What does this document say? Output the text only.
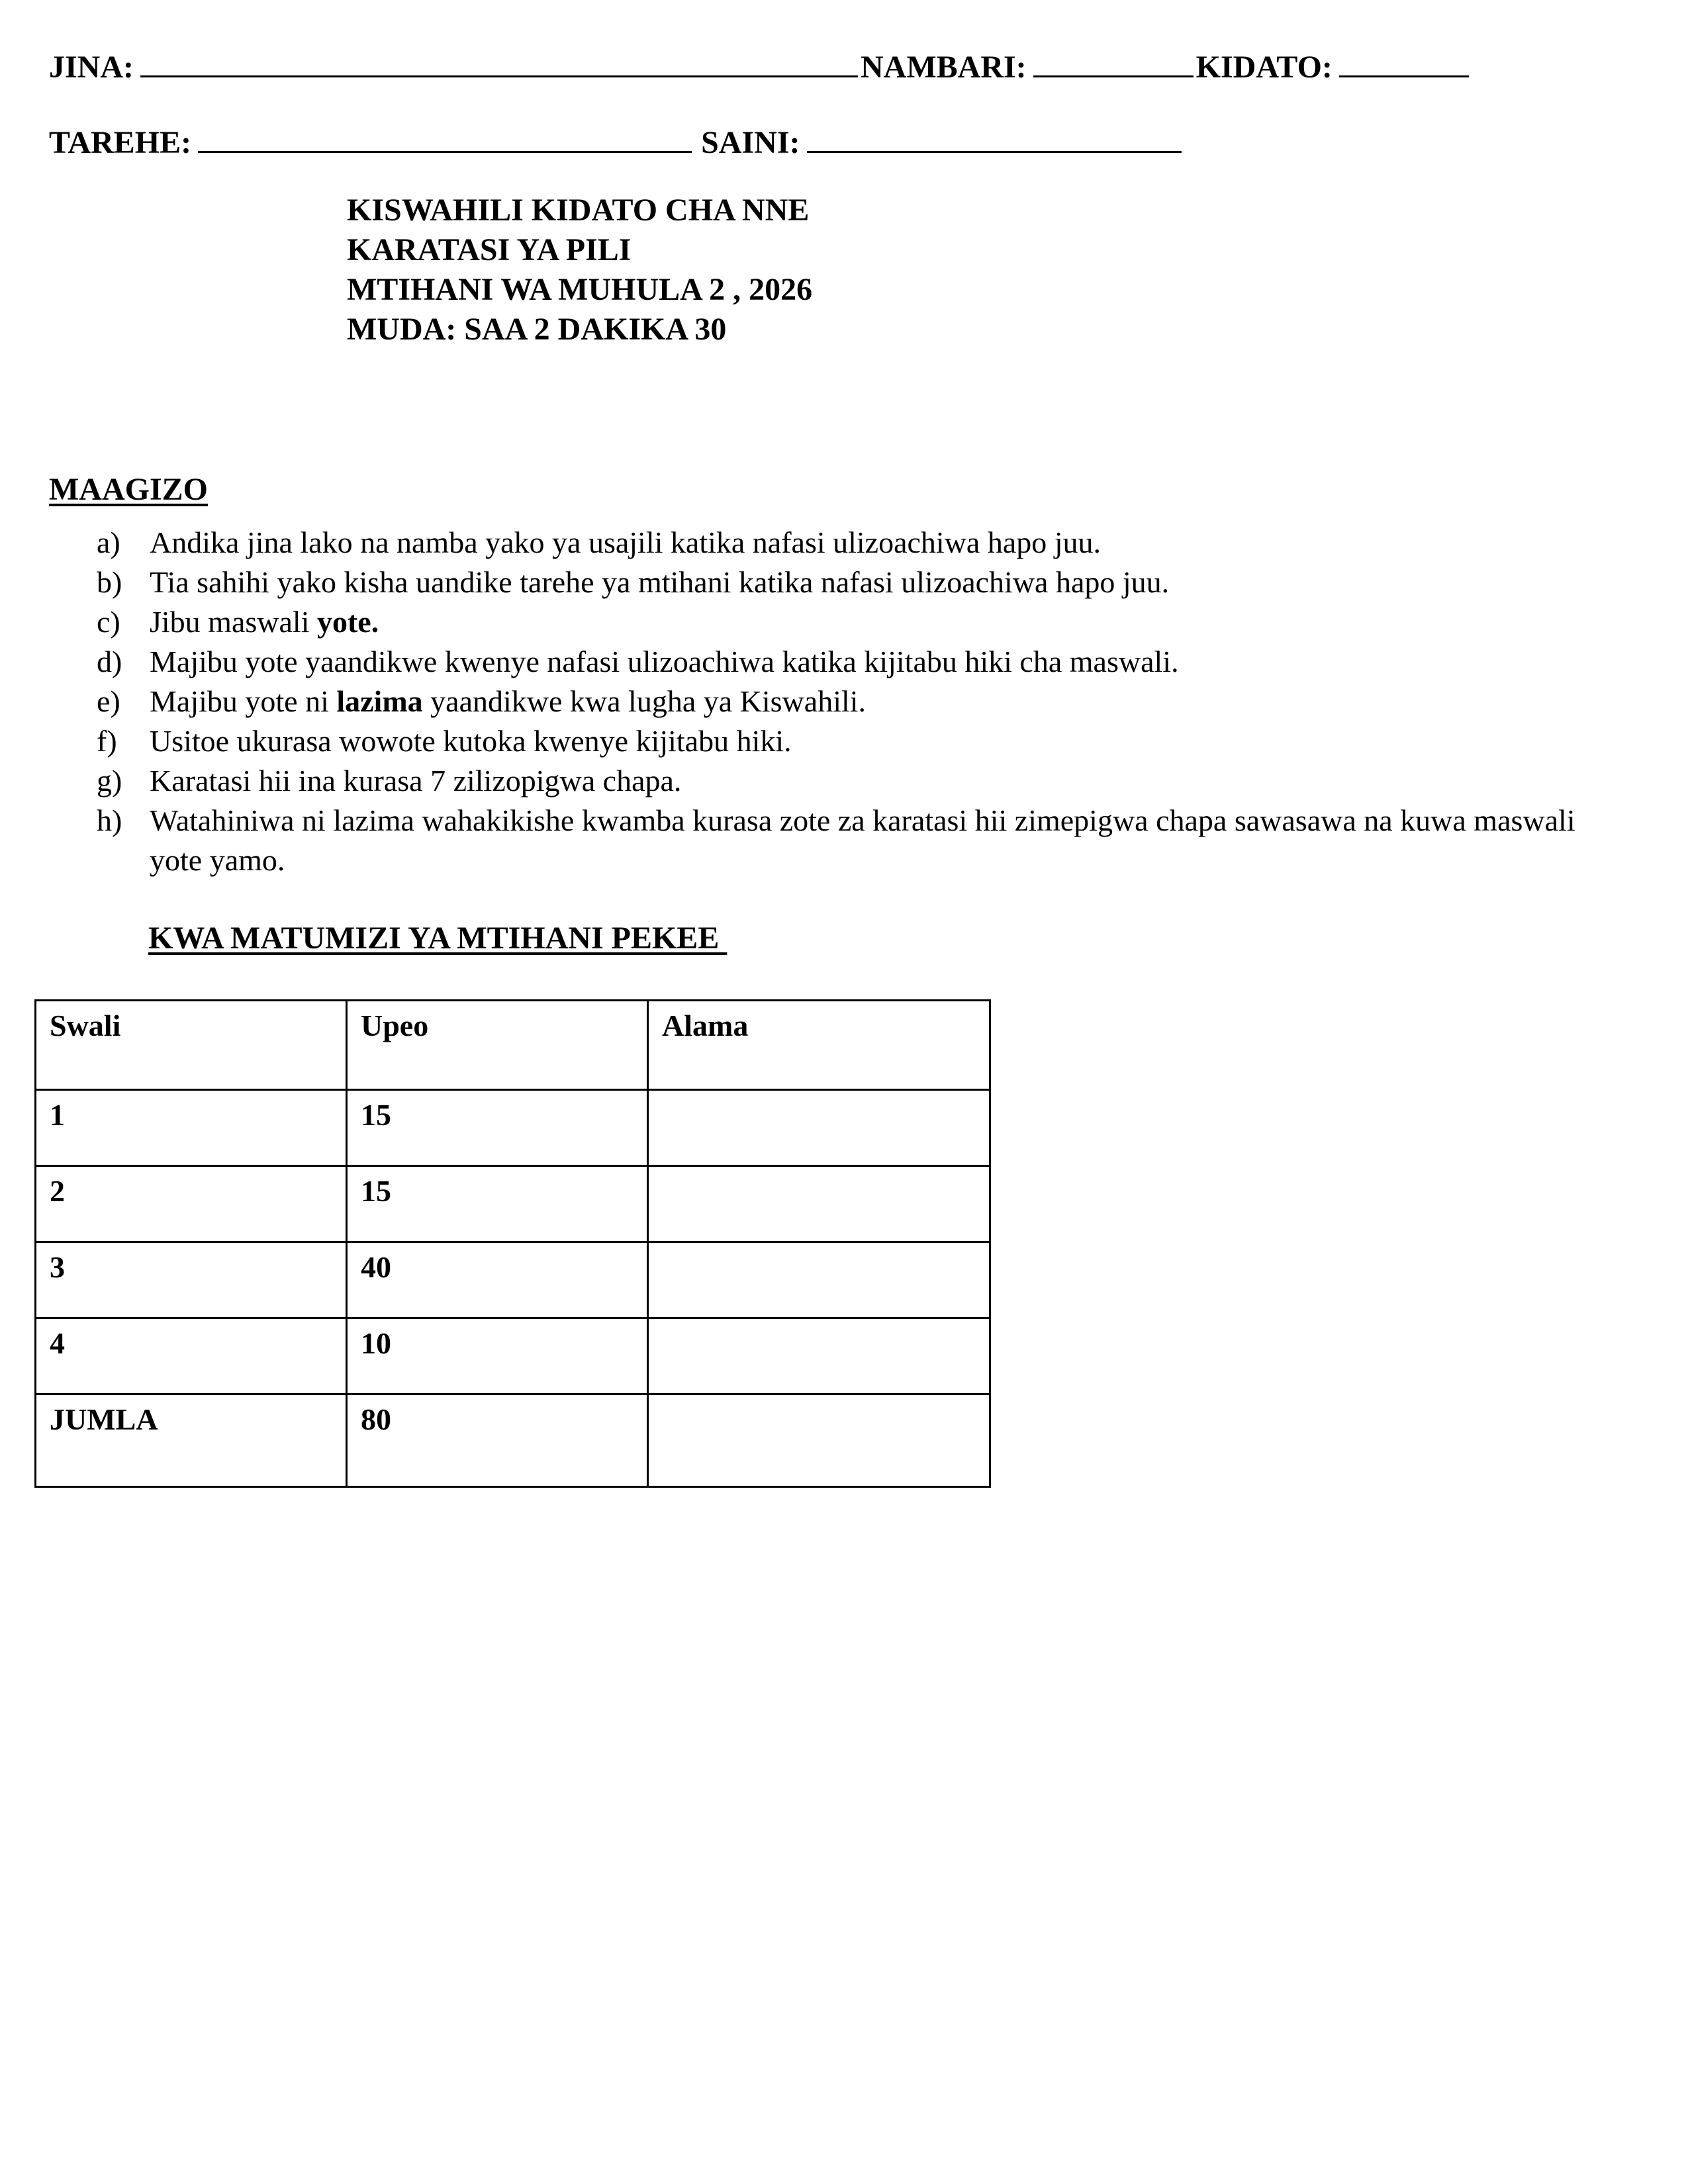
JINA:	NAMBARI:	KIDATO:
TAREHE:	SAINI:
KISWAHILI KIDATO CHA NNE
KARATASI YA PILI
MTIHANI WA MUHULA 2 , 2026
MUDA: SAA 2 DAKIKA 30
MAAGIZO
a) Andika jina lako na namba yako ya usajili katika nafasi ulizoachiwa hapo juu.
b) Tia sahihi yako kisha uandike tarehe ya mtihani katika nafasi ulizoachiwa hapo juu.
c) Jibu maswali yote.
d) Majibu yote yaandikwe kwenye nafasi ulizoachiwa katika kijitabu hiki cha maswali.
e) Majibu yote ni lazima yaandikwe kwa lugha ya Kiswahili.
f) Usitoe ukurasa wowote kutoka kwenye kijitabu hiki.
g) Karatasi hii ina kurasa 7 zilizopigwa chapa.
h) Watahiniwa ni lazima wahakikishe kwamba kurasa zote za karatasi hii zimepigwa chapa sawasawa na kuwa maswali yote yamo.
KWA MATUMIZI YA MTIHANI PEKEE
Swali	Upeo	Alama
1	15	
2	15	
3	40	
4	10	
JUMLA	80	
